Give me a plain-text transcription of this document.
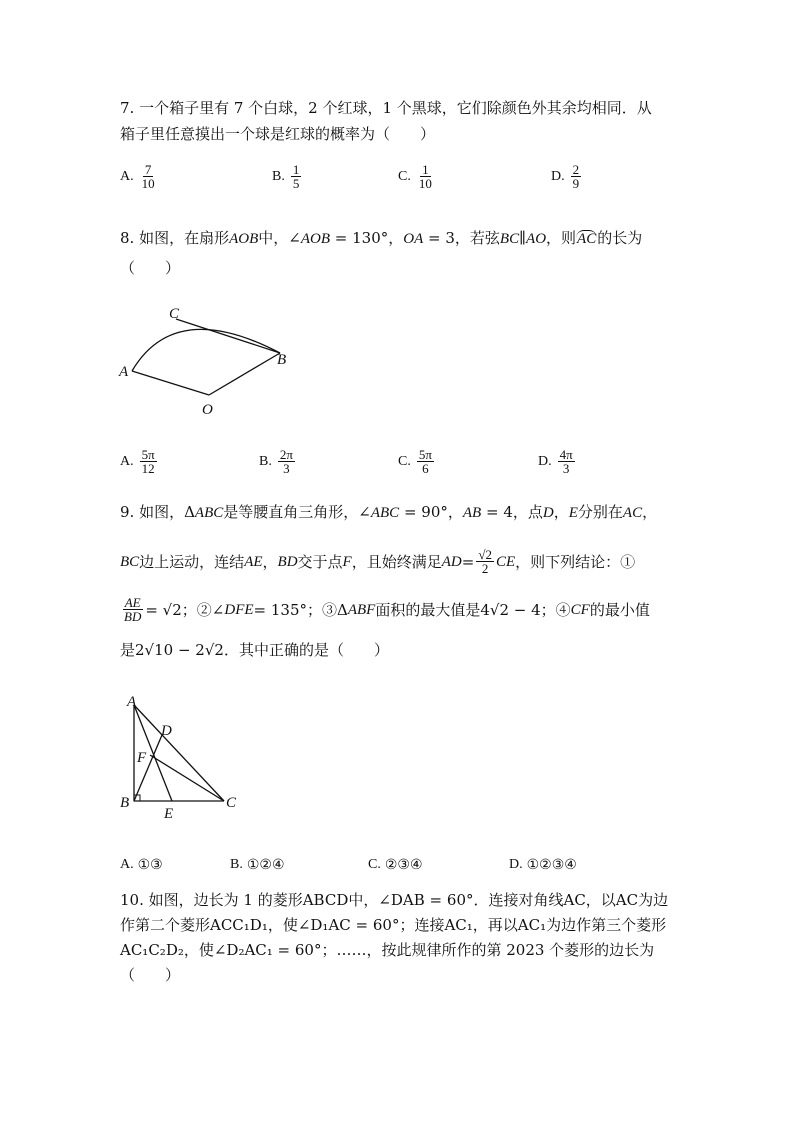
7. 一个箱子里有 7 个白球，2 个红球，1 个黑球，它们除颜色外其余均相同．从
箱子里任意摸出一个球是红球的概率为（　　）
A. $\frac{7}{10}$	B. $\frac{1}{5}$	C. $\frac{1}{10}$	D. $\frac{2}{9}$
8. 如图，在扇形AOB中，∠AOB = 130°，OA = 3，若弦BC∥AO，则AC的长为
（　　）
C
B
A
O
A. $\frac{5\pi}{12}$	B. $\frac{2\pi}{3}$	C. $\frac{5\pi}{6}$	D. $\frac{4\pi}{3}$
9. 如图，ΔABC是等腰直角三角形，∠ABC = 90°，AB = 4，点D，E分别在AC，
BC 边上运动，连结 AE ， BD 交于点 F ，且始终满足 AD = $\frac{√2}{2}$ CE ，则下列结论：①
$\frac{AE}{BD} = √2$；②∠ DFE = 135°；③Δ ABF 面积的最大值是4√2 − 4；④ CF 的最小值
是2√10 − 2√2．其中正确的是（　　）
A
D
F
B
E
C
A. ①③	B. ①②④	C. ②③④	D. ①②③④
10. 如图，边长为 1 的菱形ABCD中，∠DAB = 60°．连接对角线AC，以AC为边
作第二个菱形ACC₁D₁，使∠D₁AC = 60°；连接AC₁，再以AC₁为边作第三个菱形
AC₁C₂D₂，使∠D₂AC₁ = 60°；……，按此规律所作的第 2023 个菱形的边长为
（　　）
